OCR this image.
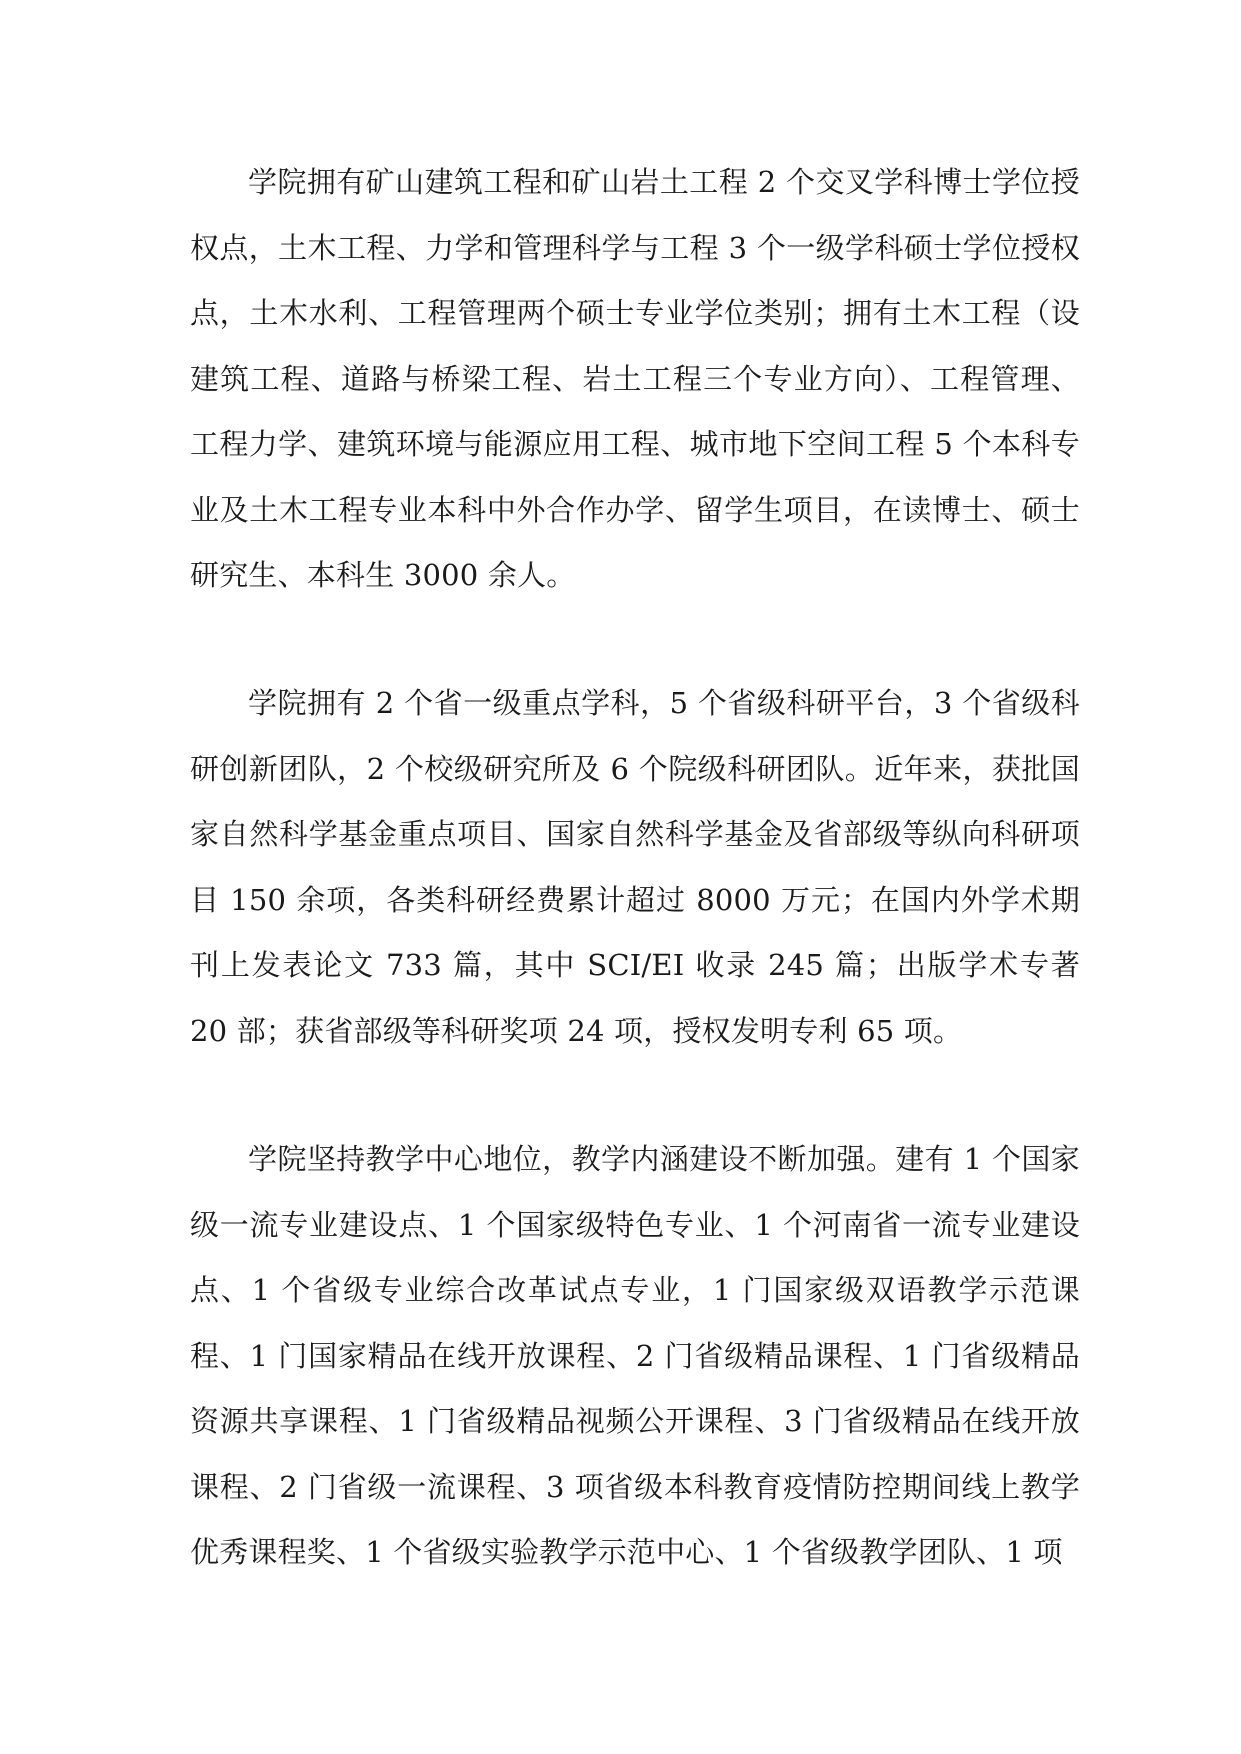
学院拥有矿山建筑工程和矿山岩土工程 2 个交叉学科博士学位授权点，土木工程、力学和管理科学与工程 3 个一级学科硕士学位授权点，土木水利、工程管理两个硕士专业学位类别；拥有土木工程（设建筑工程、道路与桥梁工程、岩土工程三个专业方向）、工程管理、工程力学、建筑环境与能源应用工程、城市地下空间工程 5 个本科专业及土木工程专业本科中外合作办学、留学生项目，在读博士、硕士研究生、本科生 3000 余人。

学院拥有 2 个省一级重点学科，5 个省级科研平台，3 个省级科研创新团队，2 个校级研究所及 6 个院级科研团队。近年来，获批国家自然科学基金重点项目、国家自然科学基金及省部级等纵向科研项目 150 余项，各类科研经费累计超过 8000 万元；在国内外学术期刊上发表论文 733 篇，其中 SCI/EI 收录 245 篇；出版学术专著 20 部；获省部级等科研奖项 24 项，授权发明专利 65 项。

学院坚持教学中心地位，教学内涵建设不断加强。建有 1 个国家级一流专业建设点、1 个国家级特色专业、1 个河南省一流专业建设点、1 个省级专业综合改革试点专业，1 门国家级双语教学示范课程、1 门国家精品在线开放课程、2 门省级精品课程、1 门省级精品资源共享课程、1 门省级精品视频公开课程、3 门省级精品在线开放课程、2 门省级一流课程、3 项省级本科教育疫情防控期间线上教学优秀课程奖、1 个省级实验教学示范中心、1 个省级教学团队、1 项
